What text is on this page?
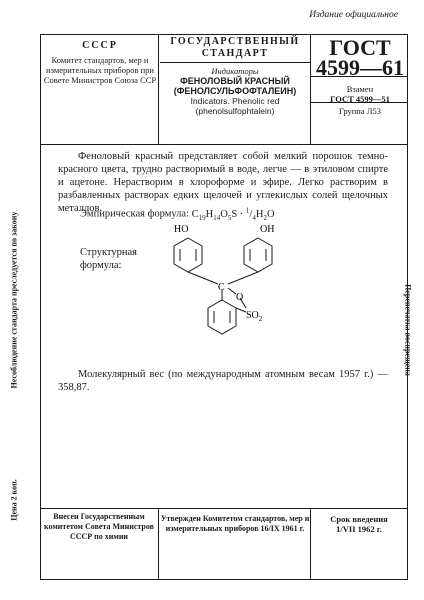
Издание официальное
СССР
Комитет стандартов, мер и измерительных приборов при Совете Министров Союза ССР
ГОСУДАРСТВЕННЫЙ
СТАНДАРТ	ГОСТ 4599—61
Индикаторы
ФЕНОЛОВЫЙ КРАСНЫЙ (ФЕНОЛСУЛЬФОФТАЛЕИН)
Indicators. Phenolic red (phenolsulfophtalein)
Взамен
ГОСТ 4599—51
Группа Л53
Феноловый красный представляет собой мелкий порошок темно-красного цвета, трудно растворимый в воде, легче — в этиловом спирте и ацетоне. Нерастворим в хлороформе и эфире. Легко растворим в разбавленных растворах едких щелочей и углекислых солей щелочных металлов.
Эмпирическая формула: $C_{19}H_{14}O_5S \cdot ^1/_4H_2O$
Структурная
формула:
HO	OH
C
O
$SO_2$
Молекулярный вес (по международным атомным весам 1957 г.) — 358,87.
Несоблюдение стандарта преследуется по закону	Перепечатка воспрещена
Цена 2 коп.	Внесен Государственным комитетом Совета Министров СССР по химии
Утвержден Комитетом стандартов, мер и измерительных приборов 16/IX 1961 г.
Срок введения
1/VII 1962 г.
